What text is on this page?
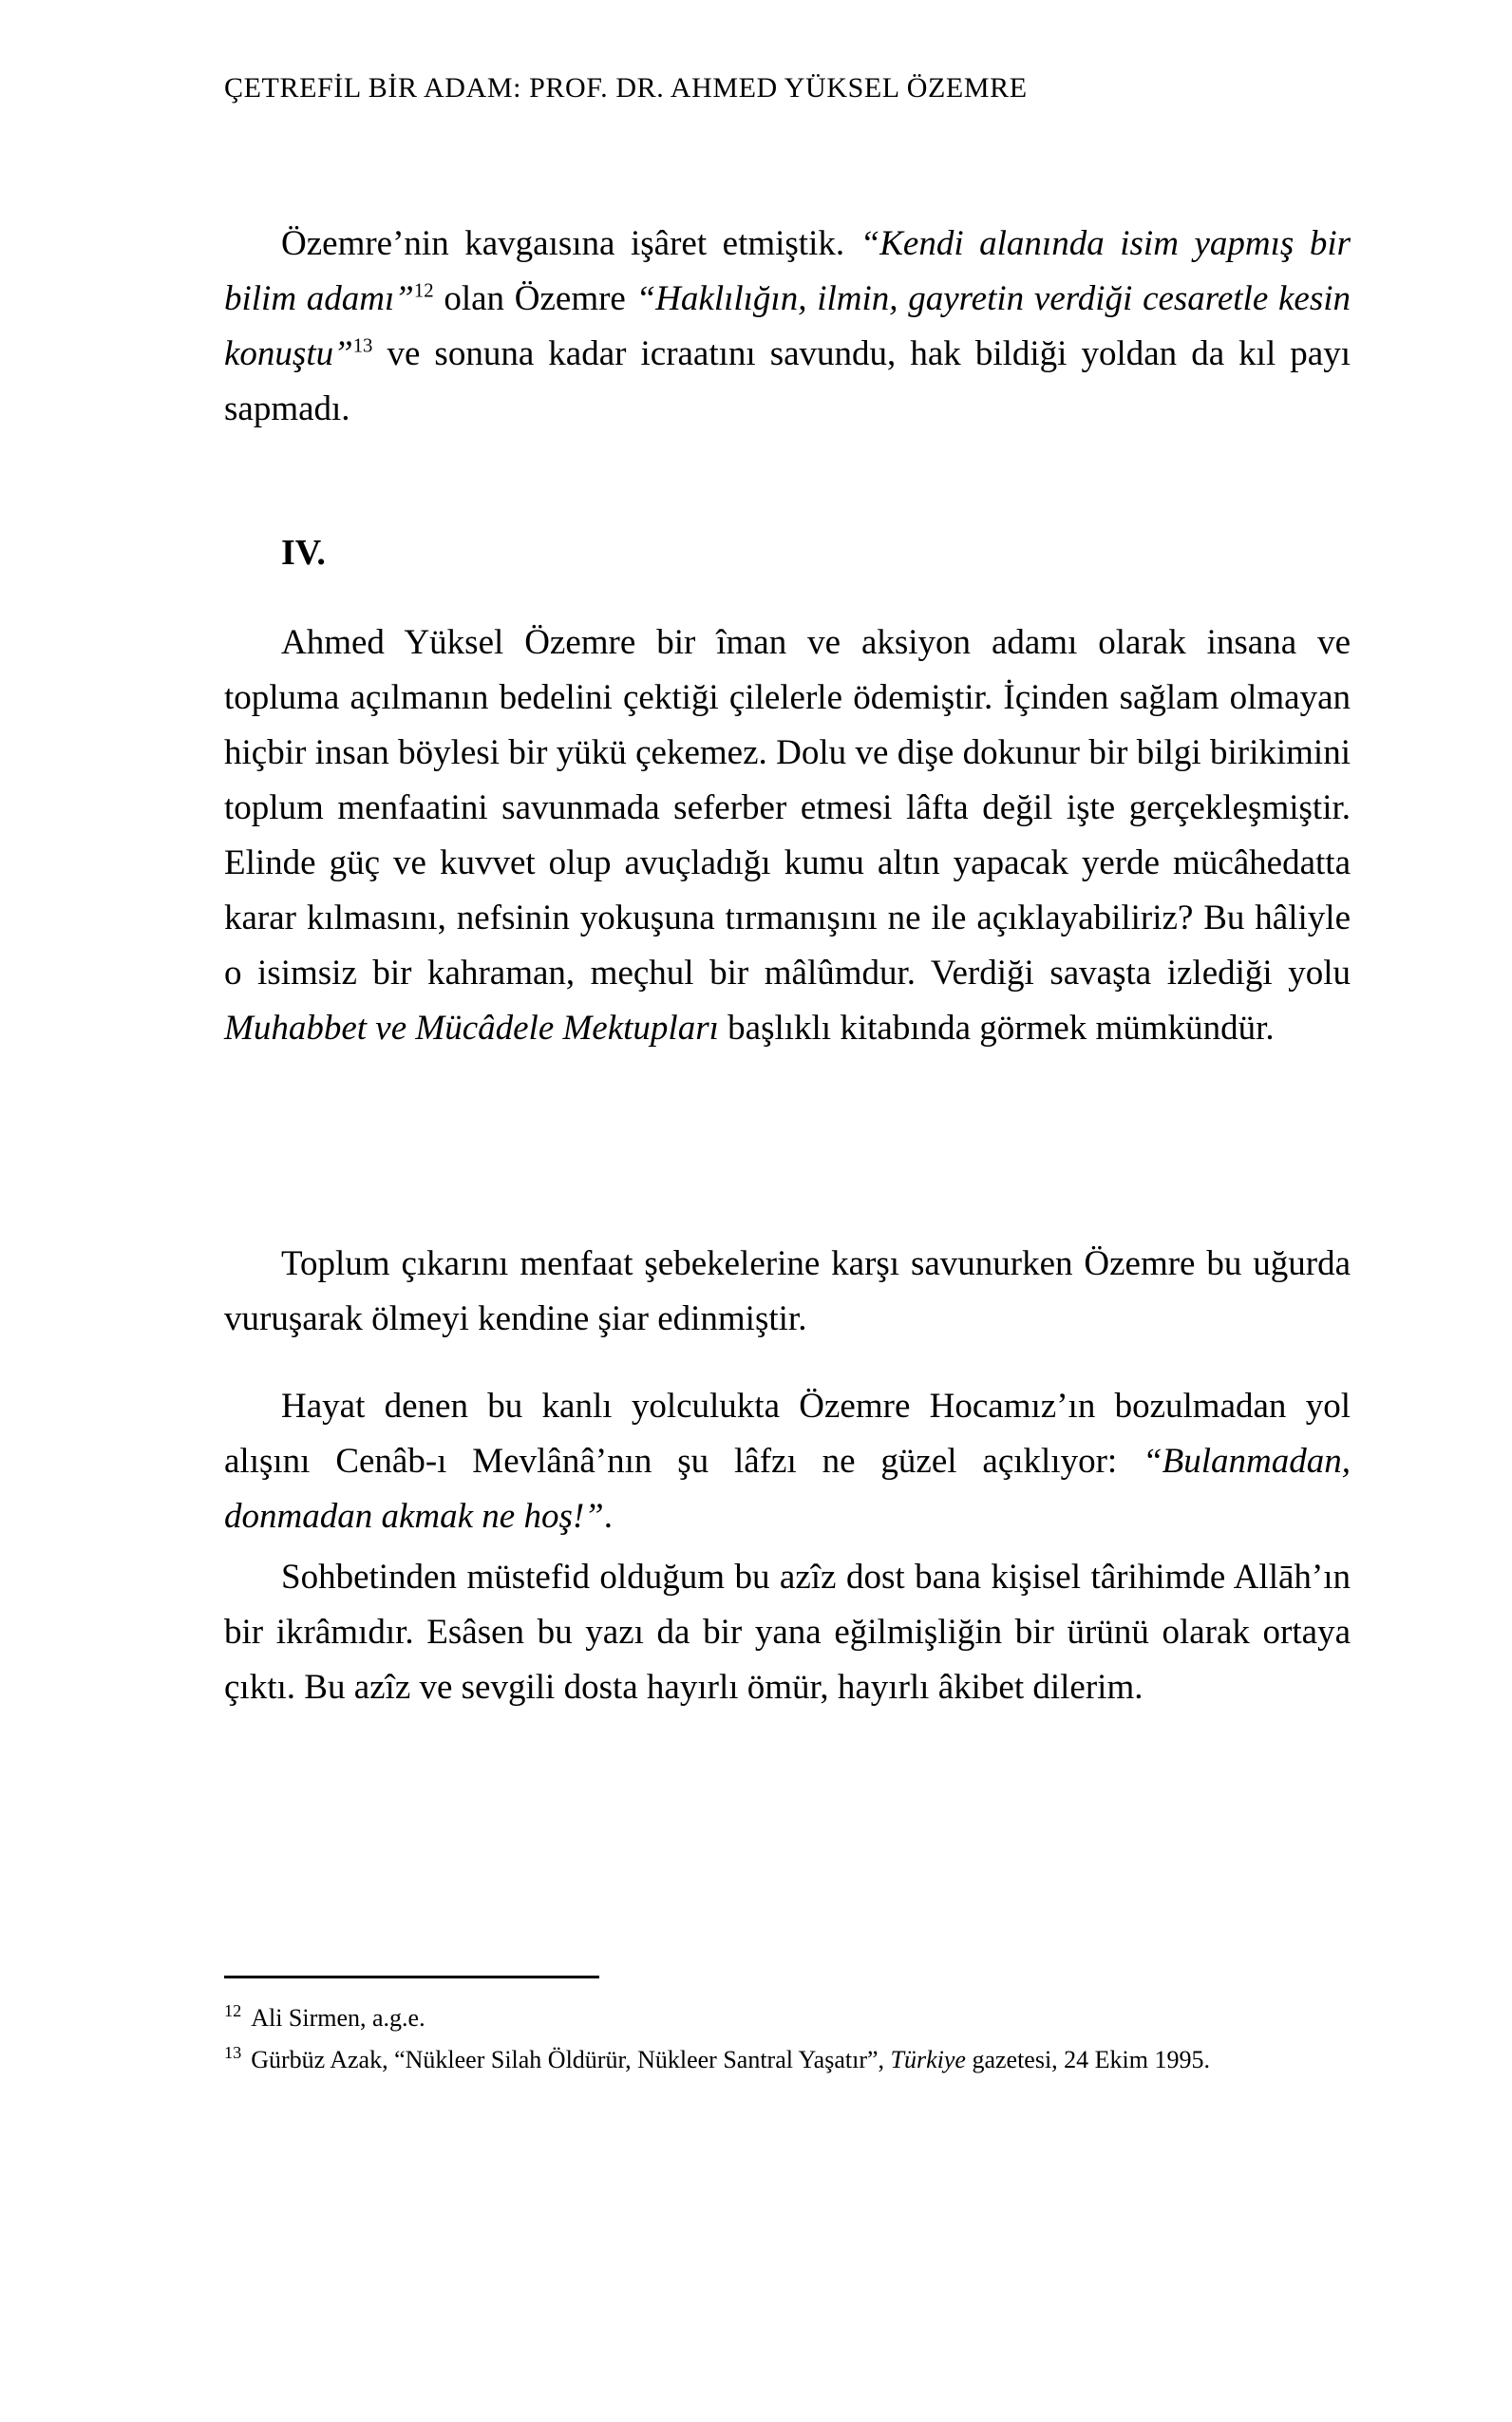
ÇETREFİL BİR ADAM: PROF. DR. AHMED YÜKSEL ÖZEMRE

Özemre’nin kavgaısına işâret etmiştik. “Kendi alanında isim yapmış bir bilim adamı”$^{12}$ olan Özemre “Haklılığın, ilmin, gayretin verdiği cesaretle kesin konuştu”$^{13}$ ve sonuna kadar icraatını savundu, hak bildiği yoldan da kıl payı sapmadı.

IV.

Ahmed Yüksel Özemre bir îman ve aksiyon adamı olarak insana ve topluma açılmanın bedelini çektiği çilelerle ödemiştir. İçinden sağlam olmayan hiçbir insan böylesi bir yükü çekemez. Dolu ve dişe dokunur bir bilgi birikimini toplum menfaatini savunmada seferber etmesi lâfta değil işte gerçekleşmiştir. Elinde güç ve kuvvet olup avuçladığı kumu altın yapacak yerde mücâhedatta karar kılmasını, nefsinin yokuşuna tırmanışını ne ile açıklayabiliriz? Bu hâliyle o isimsiz bir kahraman, meçhul bir mâlûmdur. Verdiği savaşta izlediği yolu Muhabbet ve Mücâdele Mektupları başlıklı kitabında görmek mümkündür.

Toplum çıkarını menfaat şebekelerine karşı savunurken Özemre bu uğurda vuruşarak ölmeyi kendine şiar edinmiştir.

Hayat denen bu kanlı yolculukta Özemre Hocamız’ın bozulmadan yol alışını Cenâb-ı Mevlânâ’nın şu lâfzı ne güzel açıklıyor: “Bulanmadan, donmadan akmak ne hoş!”.

Sohbetinden müstefid olduğum bu azîz dost bana kişisel târihimde Allāh’ın bir ikrâmıdır. Esâsen bu yazı da bir yana eğilmişliğin bir ürünü olarak ortaya çıktı. Bu azîz ve sevgili dosta hayırlı ömür, hayırlı âkibet dilerim.

$^{12}$ Ali Sirmen, a.g.e.

$^{13}$ Gürbüz Azak, “Nükleer Silah Öldürür, Nükleer Santral Yaşatır”, Türkiye gazetesi, 24 Ekim 1995.
